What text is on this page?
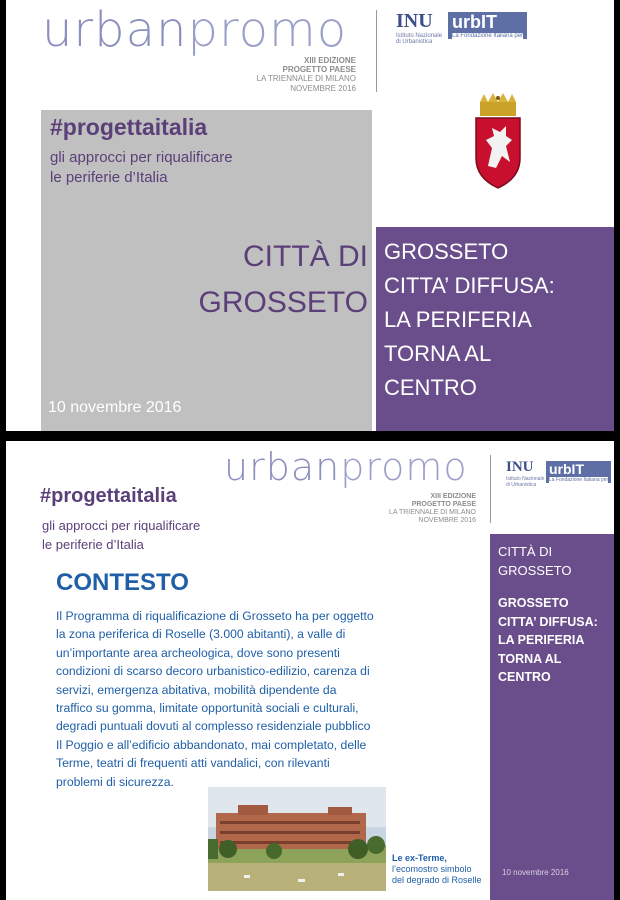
urbanpromo
XIII EDIZIONE
PROGETTO PAESE
LA TRIENNALE DI MILANO
NOVEMBRE 2016
INU
Istituto Nazionale di Urbanistica
urbIT
La Fondazione Italiana per
#progettaitalia
gli approcci per riqualificare
le periferie d’Italia
CITTÀ DI
GROSSETO
10 novembre 2016
GROSSETO
CITTA’ DIFFUSA:
LA PERIFERIA
TORNA AL
CENTRO
urbanpromo
XIII EDIZIONE
PROGETTO PAESE
LA TRIENNALE DI MILANO
NOVEMBRE 2016
INU
Istituto Nazionale di Urbanistica
urbIT
La Fondazione Italiana per
#progettaitalia
gli approcci per riqualificare
le periferie d’Italia
CONTESTO
Il Programma di riqualificazione di Grosseto ha per oggetto
la zona periferica di Roselle (3.000 abitanti), a valle di
un’importante area archeologica, dove sono presenti
condizioni di scarso decoro urbanistico-edilizio, carenza di
servizi, emergenza abitativa, mobilità dipendente da
traffico su gomma, limitate opportunità sociali e culturali,
degradi puntuali dovuti al complesso residenziale pubblico
Il Poggio e all’edificio abbandonato, mai completato, delle
Terme, teatri di frequenti atti vandalici, con rilevanti
problemi di sicurezza.
Le ex-Terme,
l’ecomostro simbolo
del degrado di Roselle
CITTÀ DI
GROSSETO
GROSSETO
CITTA’ DIFFUSA:
LA PERIFERIA
TORNA AL
CENTRO
10 novembre 2016
